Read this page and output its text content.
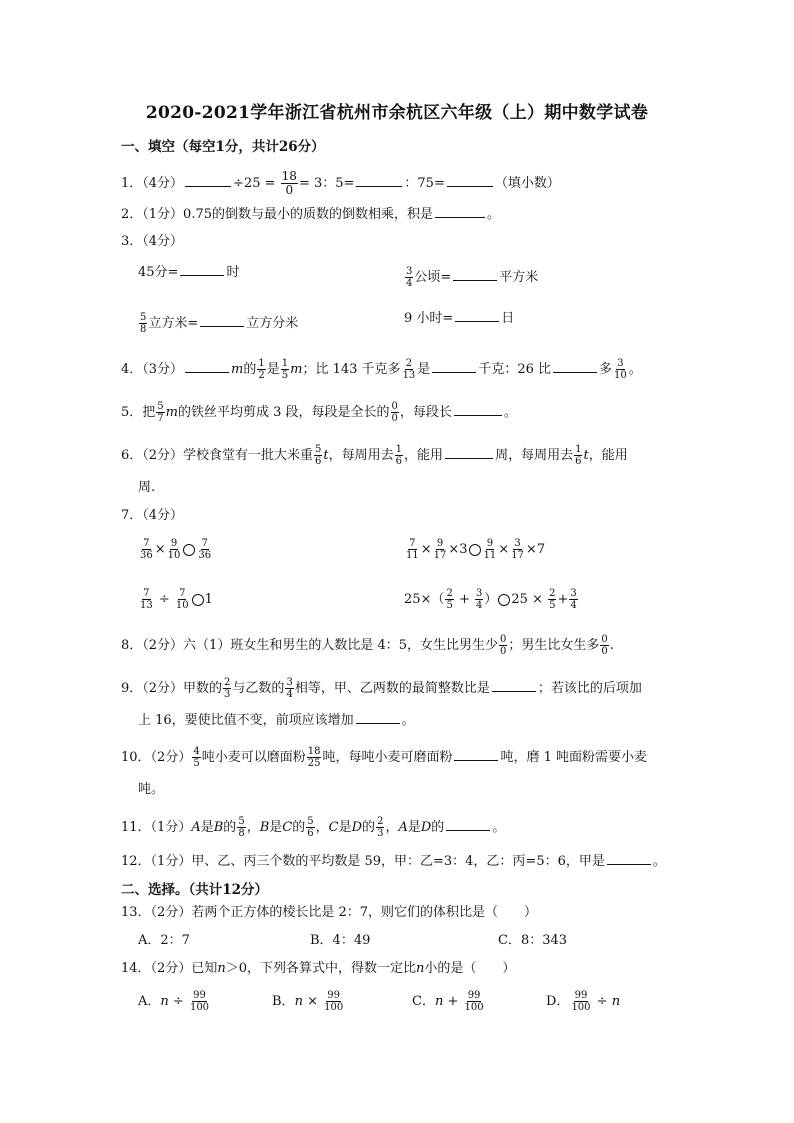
2020-2021学年浙江省杭州市余杭区六年级（上）期中数学试卷
一、填空（每空1分，共计26分）
1．（4分）	$\div 25 = \frac{18}{0} = 3$：5=	：75=	（填小数）
2．（1分）0.75的倒数与最小的质数的倒数相乘，积是	。
3．（4分）
45分=	时	$\frac{3}{4}$ 公顷=	平方米
$\frac{5}{8}$ 立方米=	立方分米	9 小时=	日
4．（3分）	m的 $\frac{1}{2}$ 是 $\frac{1}{5}$ m；比 143 千克多 $\frac{2}{13}$ 是	千克：26 比	多 $\frac{3}{10}$ 。
5．把 $\frac{5}{7}$ m的铁丝平均剪成 3 段，每段是全长的 $\frac{0}{0}$ ，每段长	。
6．（2分）学校食堂有一批大米重 $\frac{5}{6}$ t，每周用去 $\frac{1}{6}$ ，能用	周，每周用去 $\frac{1}{6}$ t，能用
周.
7．（4分）
$\frac{7}{36} \times \frac{9}{10} \frac{7}{36}$	$\frac{7}{11} \times \frac{9}{17} \times 3 \frac{9}{11} \times \frac{3}{17} \times 7$
$\frac{7}{13} \div \frac{7}{10} 1$	$25\times( \frac{2}{5} + \frac{3}{4}$ ） $25 \times \frac{2}{5} + \frac{3}{4}$
8．（2分）六（1）班女生和男生的人数比是 4：5，女生比男生少 $\frac{0}{0}$ ；男生比女生多 $\frac{0}{0}$ .
9．（2分）甲数的 $\frac{2}{3}$ 与乙数的 $\frac{3}{4}$ 相等，甲、乙两数的最简整数比是	；若该比的后项加
上 16，要使比值不变，前项应该增加	。
10．（2分） $\frac{4}{5}$ 吨小麦可以磨面粉 $\frac{18}{25}$ 吨，每吨小麦可磨面粉	吨，磨 1 吨面粉需要小麦
吨。
11．（1分）A是B的 $\frac{5}{8}$ ，B是C的 $\frac{5}{6}$ ，C是D的 $\frac{2}{3}$ ，A是D的	。
12．（1分）甲、乙、丙三个数的平均数是 59，甲：乙=3：4，乙：丙=5：6，甲是	。
二、选择。（共计12分）
13．（2分）若两个正方体的棱长比是 2：7，则它们的体积比是（　　）
A．2：7	B．4：49	C．8：343
14．（2分）已知n＞0，下列各算式中，得数一定比n小的是（　　）
A．$n \div \frac{99}{100}$	B．$n \times \frac{99}{100}$	C．$n + \frac{99}{100}$	D． $\frac{99}{100} \div n$
